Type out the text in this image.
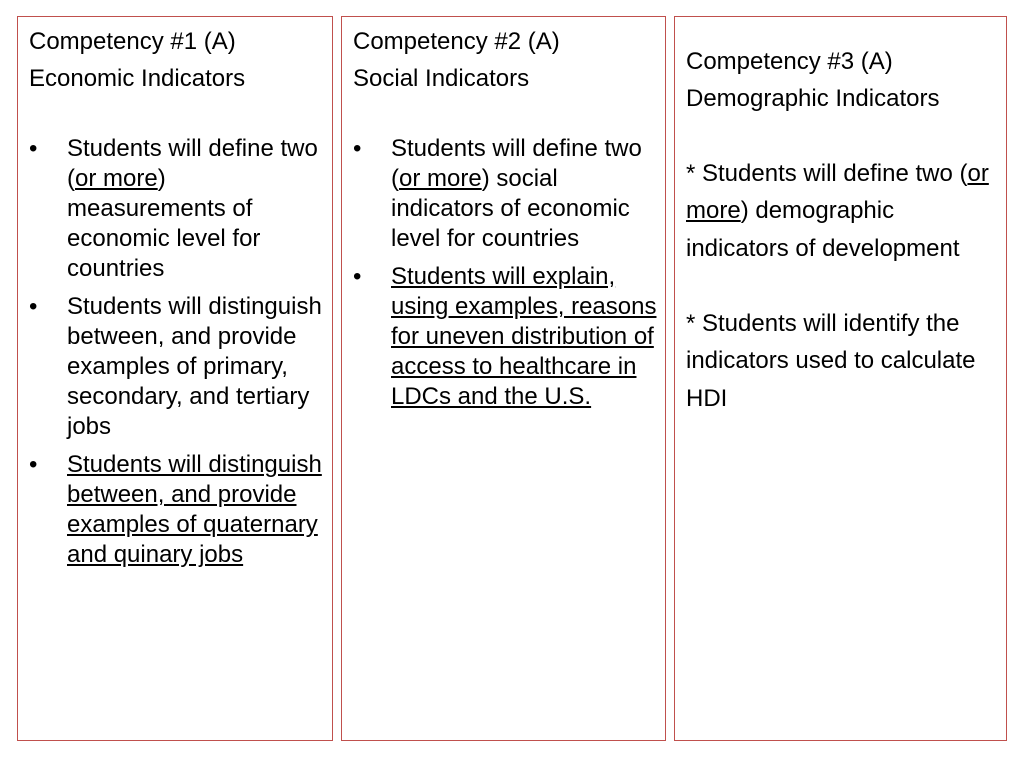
Competency #1 (A)
Economic Indicators
• Students will define two (or more) measurements of economic level for countries
• Students will distinguish between, and provide examples of primary, secondary, and tertiary jobs
• Students will distinguish between, and provide examples of quaternary and quinary jobs
Competency #2 (A)
Social Indicators
• Students will define two (or more) social indicators of economic level for countries
• Students will explain, using examples, reasons for uneven distribution of access to healthcare in LDCs and the U.S.
Competency #3 (A)
Demographic Indicators

* Students will define two (or more) demographic indicators of development

* Students will identify the indicators used to calculate HDI
